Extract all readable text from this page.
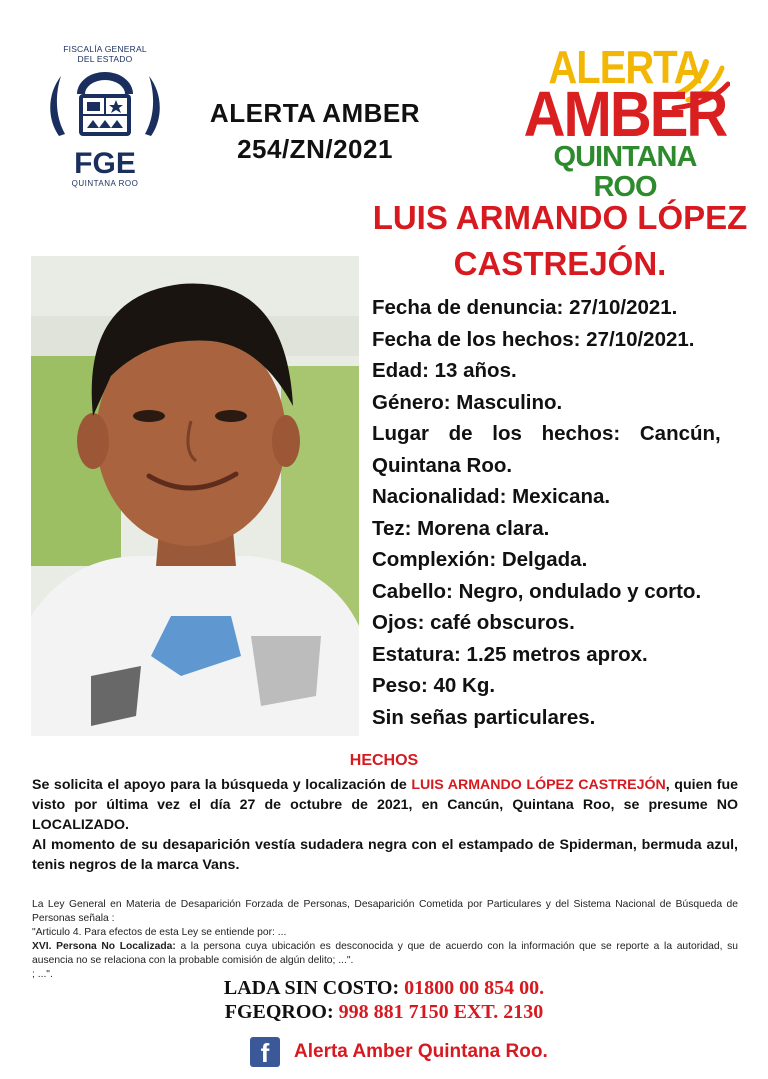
FISCALÍA GENERAL
DEL ESTADO
FGE
QUINTANA ROO
ALERTA AMBER
254/ZN/2021
ALERTA
AMBER
QUINTANA ROO
LUIS ARMANDO LÓPEZ
CASTREJÓN.
Fecha de denuncia: 27/10/2021.
Fecha de los hechos: 27/10/2021.
Edad: 13 años.
Género: Masculino.
Lugar de los hechos: Cancún,
Quintana Roo.
Nacionalidad: Mexicana.
Tez: Morena clara.
Complexión: Delgada.
Cabello: Negro, ondulado y corto.
Ojos: café obscuros.
Estatura: 1.25 metros aprox.
Peso: 40 Kg.
Sin señas particulares.
HECHOS
Se solicita el apoyo para la búsqueda y localización de LUIS ARMANDO LÓPEZ CASTREJÓN, quien fue visto por última vez el día 27 de octubre de 2021, en Cancún, Quintana Roo, se presume NO LOCALIZADO.
Al momento de su desaparición vestía sudadera negra con el estampado de Spiderman, bermuda azul, tenis negros de la marca Vans.
La Ley General en Materia de Desaparición Forzada de Personas, Desaparición Cometida por Particulares y del Sistema Nacional de Búsqueda de Personas señala :
"Articulo 4. Para efectos de esta Ley se entiende por: ...
XVI. Persona No Localizada: a la persona cuya ubicación es desconocida y que de acuerdo con la información que se reporte a la autoridad, su ausencia no se relaciona con la probable comisión de algún delito; ...".
; ...".
LADA SIN COSTO: 01800 00 854 00.
FGEQROO: 998 881 7150 EXT. 2130
f	Alerta Amber Quintana Roo.
